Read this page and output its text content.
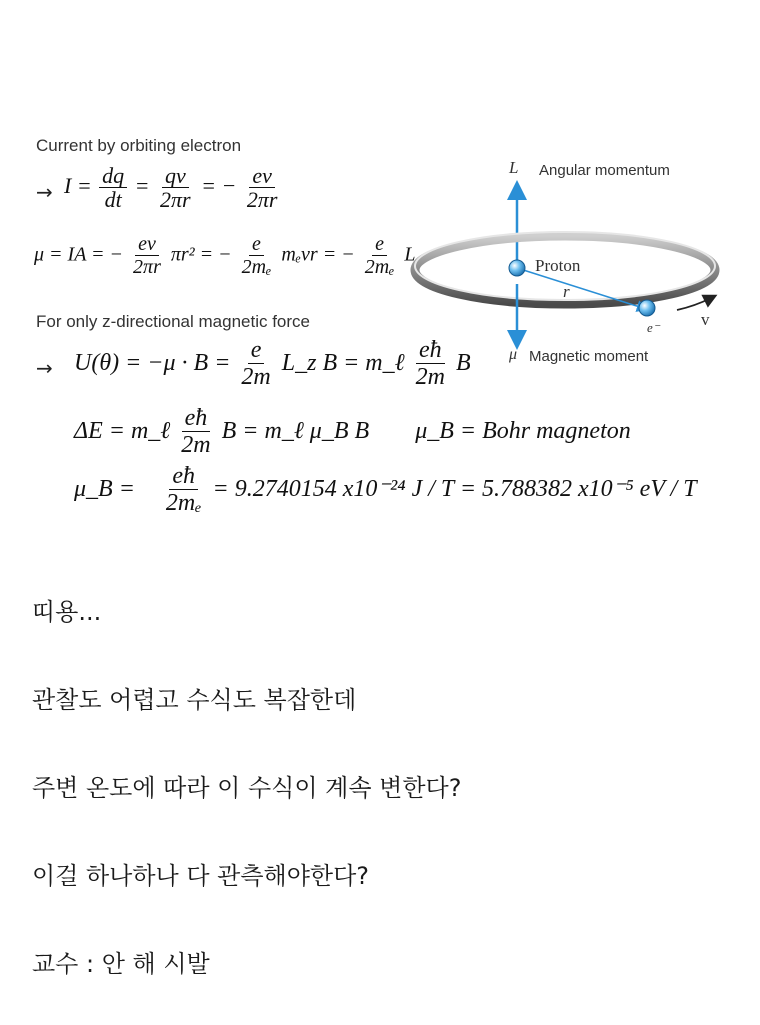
Current by orbiting electron
→ $I = \frac{dq}{dt} = \frac{qv}{2\pi r}$ = − $\frac{ev}{2\pi r}$
μ = IA = − $\frac{ev}{2\pi r} \pi r^2$ = − $\frac{e}{\text{2mₑ}}$ mₑvr = − $\frac{e}{\text{2mₑ}}$ L
For only z-directional magnetic force
→ $U(\theta) = -\mu \cdot B = \frac{e}{2m}$ L_z B = m_ℓ $\frac{eħ}{2m}$ B
ΔE = m_ℓ $\frac{eħ}{2m}$ B = m_ℓ μ_B B μ_B = Bohr magneton
μ_B = $\frac{eħ}{\text{2mₑ}} = 9.2740154$ x10⁻²⁴ J / T = 5.788382 x10⁻⁵ eV / T
L Angular momentum
Proton
r
e⁻ v
μ Magnetic moment
띠용...
관찰도 어렵고 수식도 복잡한데
주변 온도에 따라 이 수식이 계속 변한다?
이걸 하나하나 다 관측해야한다?
교수 : 안 해 시발
